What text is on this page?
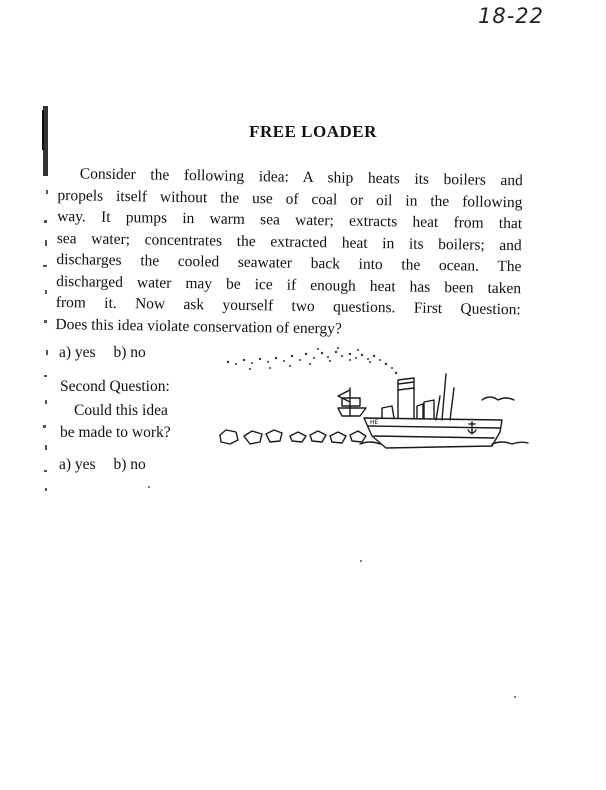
18-22
FREE LOADER
Consider the following idea: A ship heats its boilers and
propels itself without the use of coal or oil in the following
way. It pumps in warm sea water; extracts heat from that
sea water; concentrates the extracted heat in its boilers; and
discharges the cooled seawater back into the ocean. The
discharged water may be ice if enough heat has been taken
from it. Now ask yourself two questions. First Question:
Does this idea violate conservation of energy?
a) yes b) no
Second Question:
Could this idea
be made to work?
a) yes b) no
HE
